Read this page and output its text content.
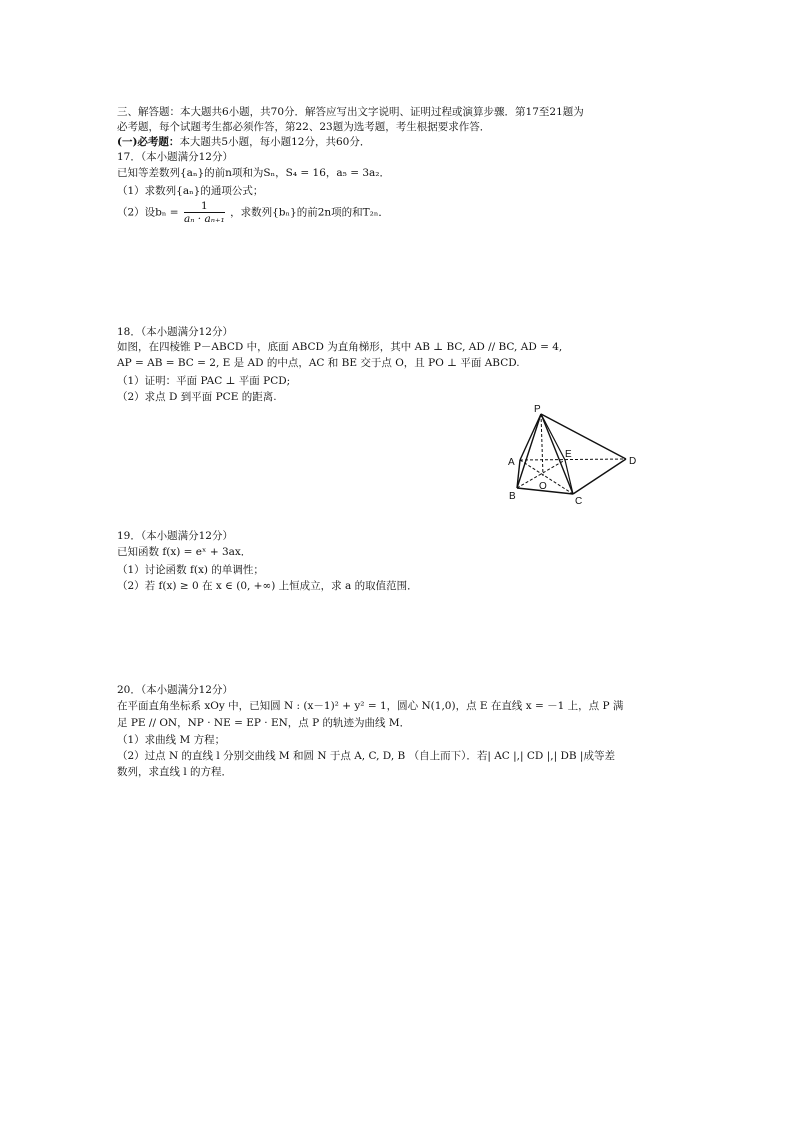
三、解答题：本大题共6小题，共70分．解答应写出文字说明、证明过程或演算步骤．第17至21题为
必考题，每个试题考生都必须作答，第22、23题为选考题，考生根据要求作答．
(一)必考题：本大题共5小题，每小题12分，共60分．
17．（本小题满分12分）
已知等差数列{aₙ}的前n项和为Sₙ，S₄ = 16，a₅ = 3a₂．
（1）求数列{aₙ}的通项公式；
（2）设$b_n = \frac{1}{\text{aₙ · aₙ₊₁}}$ ，求数列{bₙ}的前2n项的和T₂ₙ．
18．（本小题满分12分）
如图，在四棱锥 P－ABCD 中，底面 ABCD 为直角梯形，其中 AB ⊥ BC, AD // BC, AD = 4,
AP = AB = BC = 2, E 是 AD 的中点，AC 和 BE 交于点 O，且 PO ⊥ 平面 ABCD.
（1）证明：平面 PAC ⊥ 平面 PCD;
（2）求点 D 到平面 PCE 的距离.
P
A
E
D
O
B	C
19．（本小题满分12分）
已知函数 f(x) = eˣ + 3ax．
（1）讨论函数 f(x) 的单调性；
（2）若 f(x) ≥ 0 在 x ∈ (0, +∞) 上恒成立，求 a 的取值范围．
20．（本小题满分12分）
在平面直角坐标系 xOy 中，已知圆 N : (x－1)² + y² = 1，圆心 N(1,0)，点 E 在直线 x = －1 上，点 P 满
足 PE // ON，NP · NE = EP · EN，点 P 的轨迹为曲线 M．
（1）求曲线 M 方程；
（2）过点 N 的直线 l 分别交曲线 M 和圆 N 于点 A, C, D, B （自上而下）．若| AC |,| CD |,| DB |成等差
数列，求直线 l 的方程．
